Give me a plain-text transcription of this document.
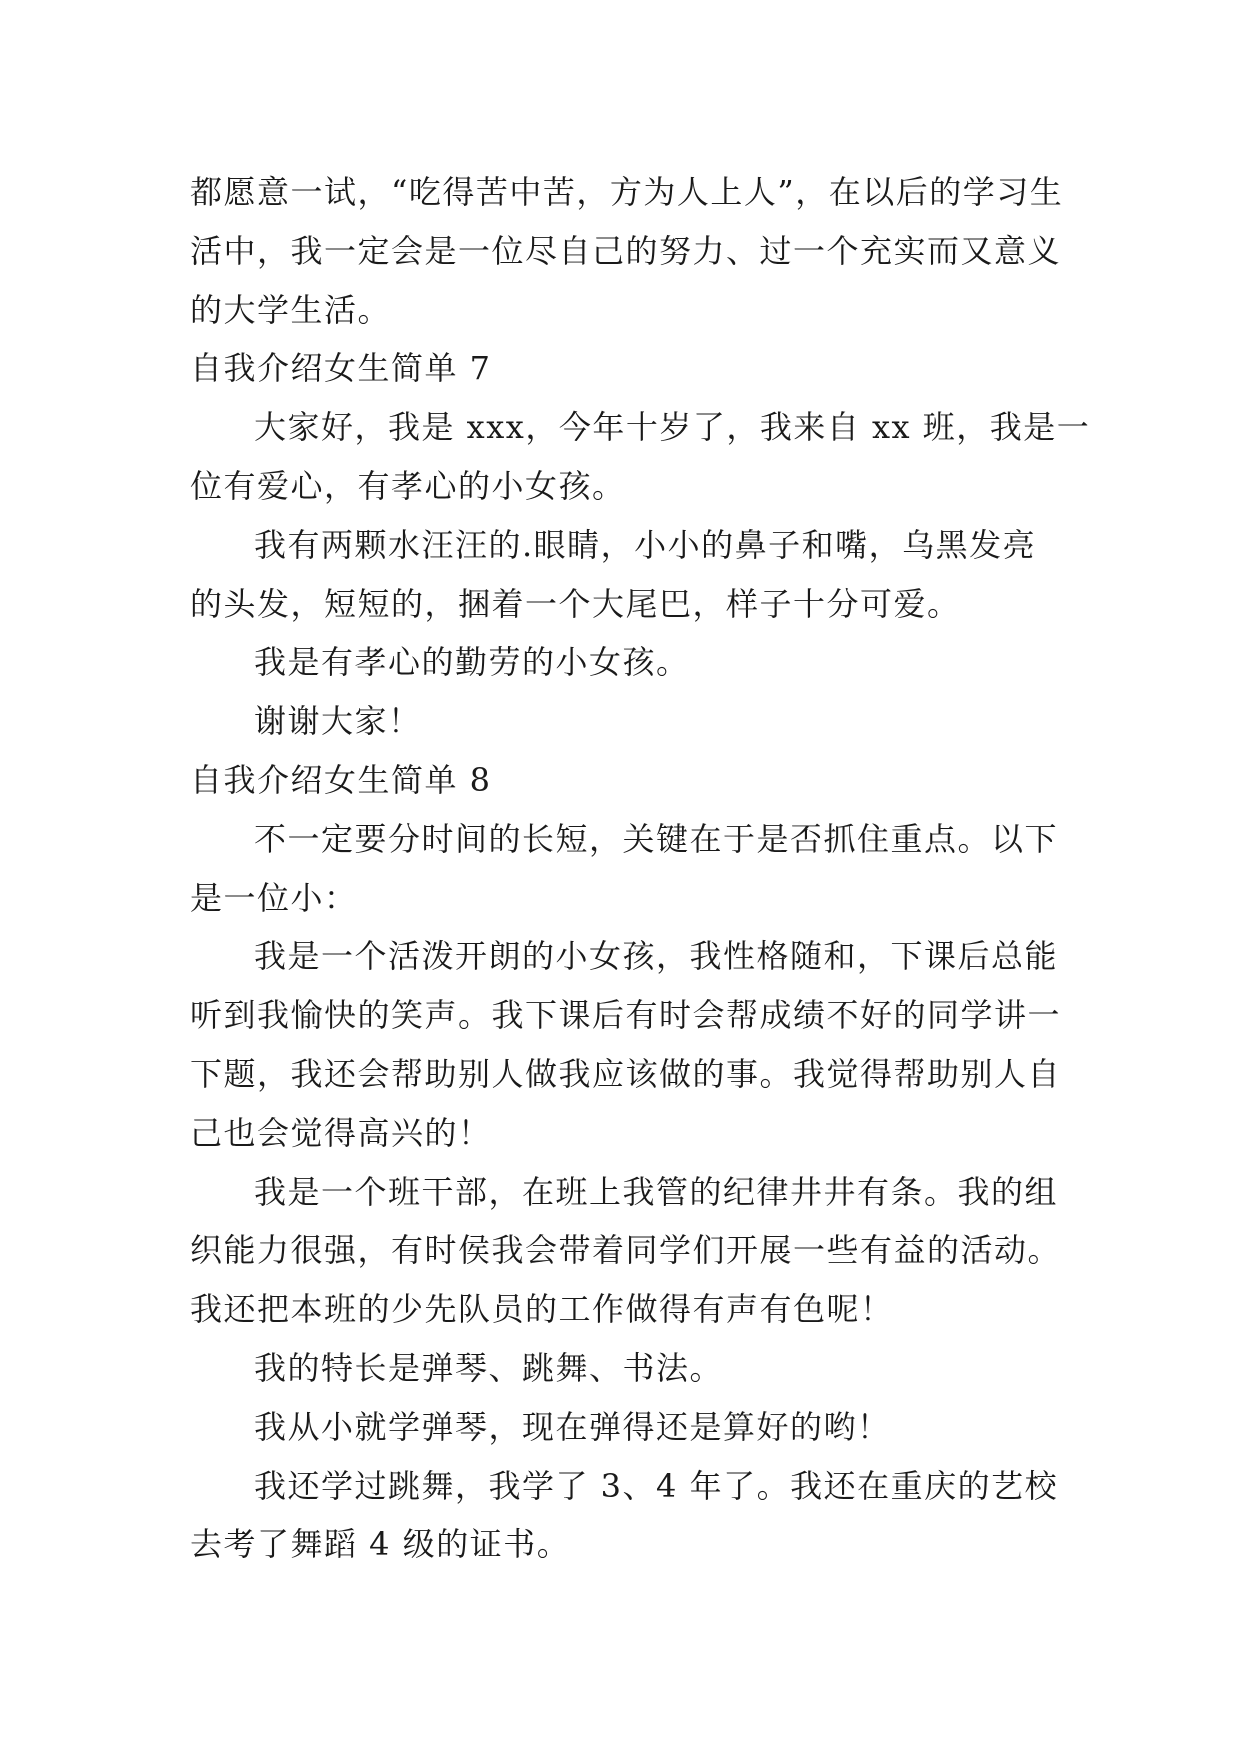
都愿意一试，“吃得苦中苦，方为人上人”，在以后的学习生
活中，我一定会是一位尽自己的努力、过一个充实而又意义
的大学生活。

自我介绍女生简单 7

大家好，我是 xxx，今年十岁了，我来自 xx 班，我是一
位有爱心，有孝心的小女孩。

我有两颗水汪汪的.眼睛，小小的鼻子和嘴，乌黑发亮
的头发，短短的，捆着一个大尾巴，样子十分可爱。

我是有孝心的勤劳的小女孩。

谢谢大家！

自我介绍女生简单 8

不一定要分时间的长短，关键在于是否抓住重点。以下
是一位小：

我是一个活泼开朗的小女孩，我性格随和，下课后总能
听到我愉快的笑声。我下课后有时会帮成绩不好的同学讲一
下题，我还会帮助别人做我应该做的事。我觉得帮助别人自
己也会觉得高兴的！

我是一个班干部，在班上我管的纪律井井有条。我的组
织能力很强，有时侯我会带着同学们开展一些有益的活动。
我还把本班的少先队员的工作做得有声有色呢！

我的特长是弹琴、跳舞、书法。

我从小就学弹琴，现在弹得还是算好的哟！

我还学过跳舞，我学了 3、4 年了。我还在重庆的艺校
去考了舞蹈 4 级的证书。
